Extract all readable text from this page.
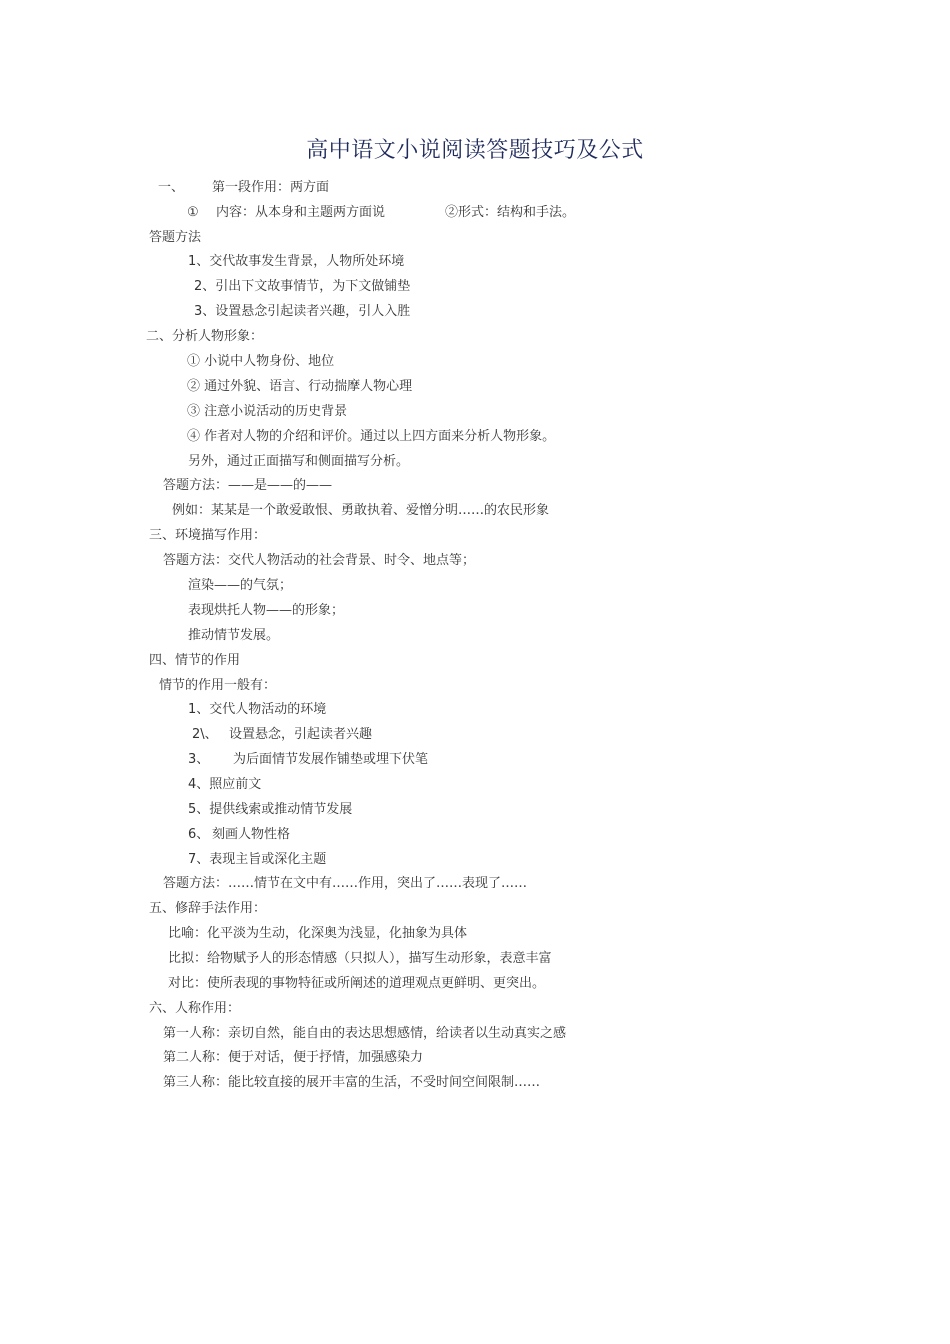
高中语文小说阅读答题技巧及公式
一、 第一段作用：两方面
① 内容：从本身和主题两方面说	②形式：结构和手法。
答题方法
1、交代故事发生背景，人物所处环境
2、引出下文故事情节，为下文做铺垫
3、设置悬念引起读者兴趣，引人入胜
二、分析人物形象：
① 小说中人物身份、地位
② 通过外貌、语言、行动揣摩人物心理
③ 注意小说活动的历史背景
④ 作者对人物的介绍和评价。通过以上四方面来分析人物形象。
另外，通过正面描写和侧面描写分析。
答题方法：——是——的——
例如：某某是一个敢爱敢恨、勇敢执着、爱憎分明……的农民形象
三、环境描写作用：
答题方法：交代人物活动的社会背景、时令、地点等；
渲染——的气氛；
表现烘托人物——的形象；
推动情节发展。
四、情节的作用
情节的作用一般有：
1、交代人物活动的环境
2\、 设置悬念，引起读者兴趣
3、 为后面情节发展作铺垫或埋下伏笔
4、照应前文
5、提供线索或推动情节发展
6、 刻画人物性格
7、表现主旨或深化主题
答题方法：……情节在文中有……作用，突出了……表现了……
五、修辞手法作用：
比喻：化平淡为生动，化深奥为浅显，化抽象为具体
比拟：给物赋予人的形态情感（只拟人），描写生动形象，表意丰富
对比：使所表现的事物特征或所阐述的道理观点更鲜明、更突出。
六、人称作用：
第一人称：亲切自然，能自由的表达思想感情，给读者以生动真实之感
第二人称：便于对话，便于抒情，加强感染力
第三人称：能比较直接的展开丰富的生活，不受时间空间限制……
